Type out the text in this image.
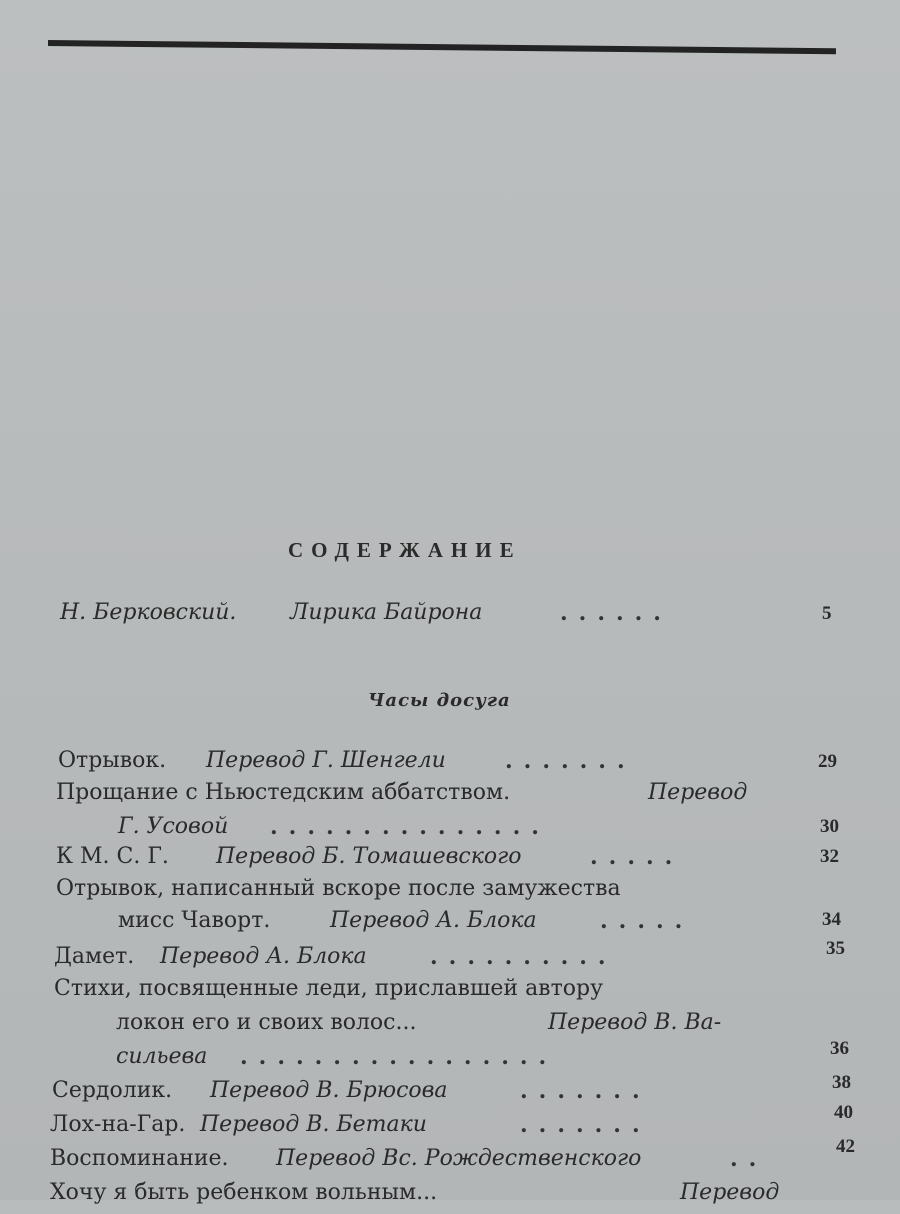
СОДЕРЖАНИЕ
Н. Берковский. Лирика Байрона	......	5
Часы досуга
Отрывок. Перевод Г. Шенгели	.......	29
Прощание с Ньюстедским аббатством.	Перевод
Г. Усовой ...............	30
К М. С. Г. Перевод Б. Томашевского	.....	32
Отрывок, написанный вскоре после замужества
мисс Чаворт.	Перевод А. Блока	.....	34
Дамет. Перевод А. Блока	..........	35
Стихи, посвященные леди, приславшей автору
локон его и своих волос...	Перевод В. Ва-
сильева .................	36
Сердолик. Перевод В. Брюсова	.......	38
Лох-на-Гар. Перевод В. Бетаки	.......	40
Воспоминание. Перевод Вс. Рождественского	..	42
Хочу я быть ребенком вольным...	Перевод
